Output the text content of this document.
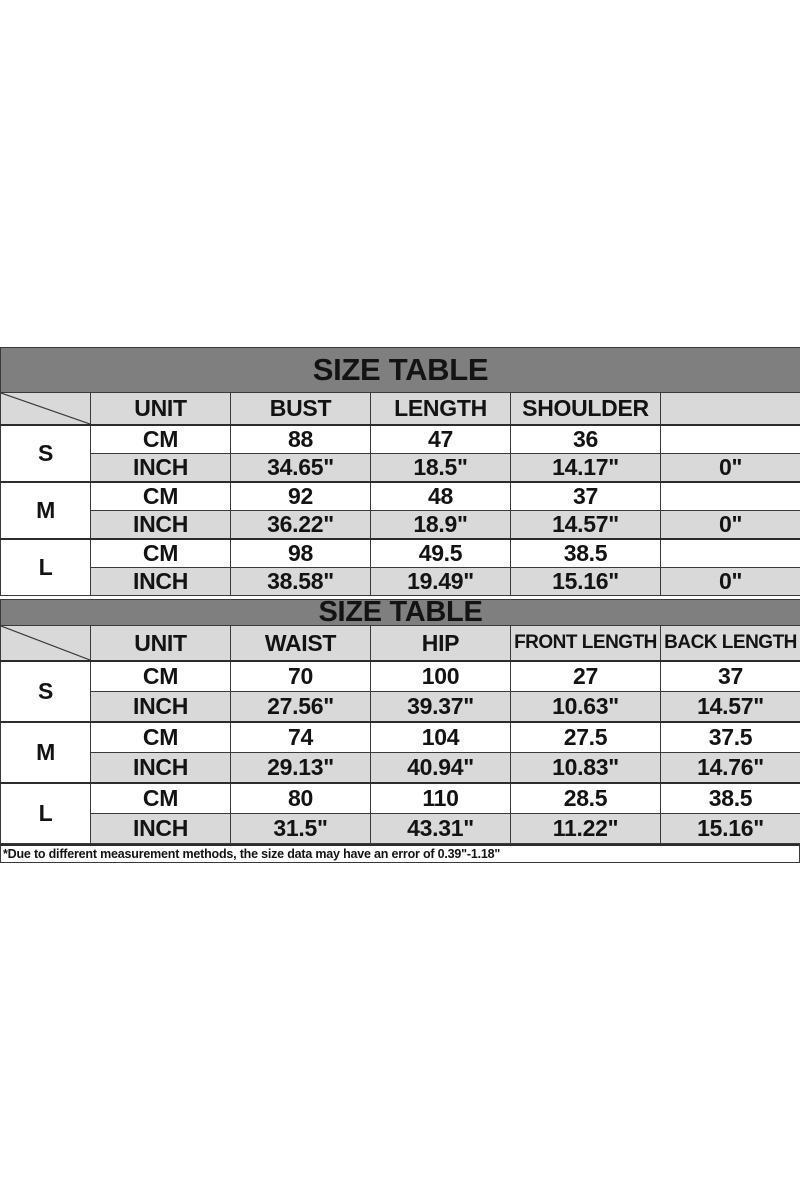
SIZE TABLE					

	UNIT	BUST	LENGTH	SHOULDER	
S	CM	88	47	36	
	INCH	34.65"	18.5"	14.17"	0"
M	CM	92	48	37	
	INCH	36.22"	18.9"	14.57"	0"
L	CM	98	49.5	38.5	
	INCH	38.58"	19.49"	15.16"	0"
SIZE TABLE					

	UNIT	WAIST	HIP	FRONT LENGTH	BACK LENGTH
S	CM	70	100	27	37
	INCH	27.56"	39.37"	10.63"	14.57"
M	CM	74	104	27.5	37.5
	INCH	29.13"	40.94"	10.83"	14.76"
L	CM	80	110	28.5	38.5
	INCH	31.5"	43.31"	11.22"	15.16"
*Due to different measurement methods, the size data may have an error of 0.39"-1.18"
